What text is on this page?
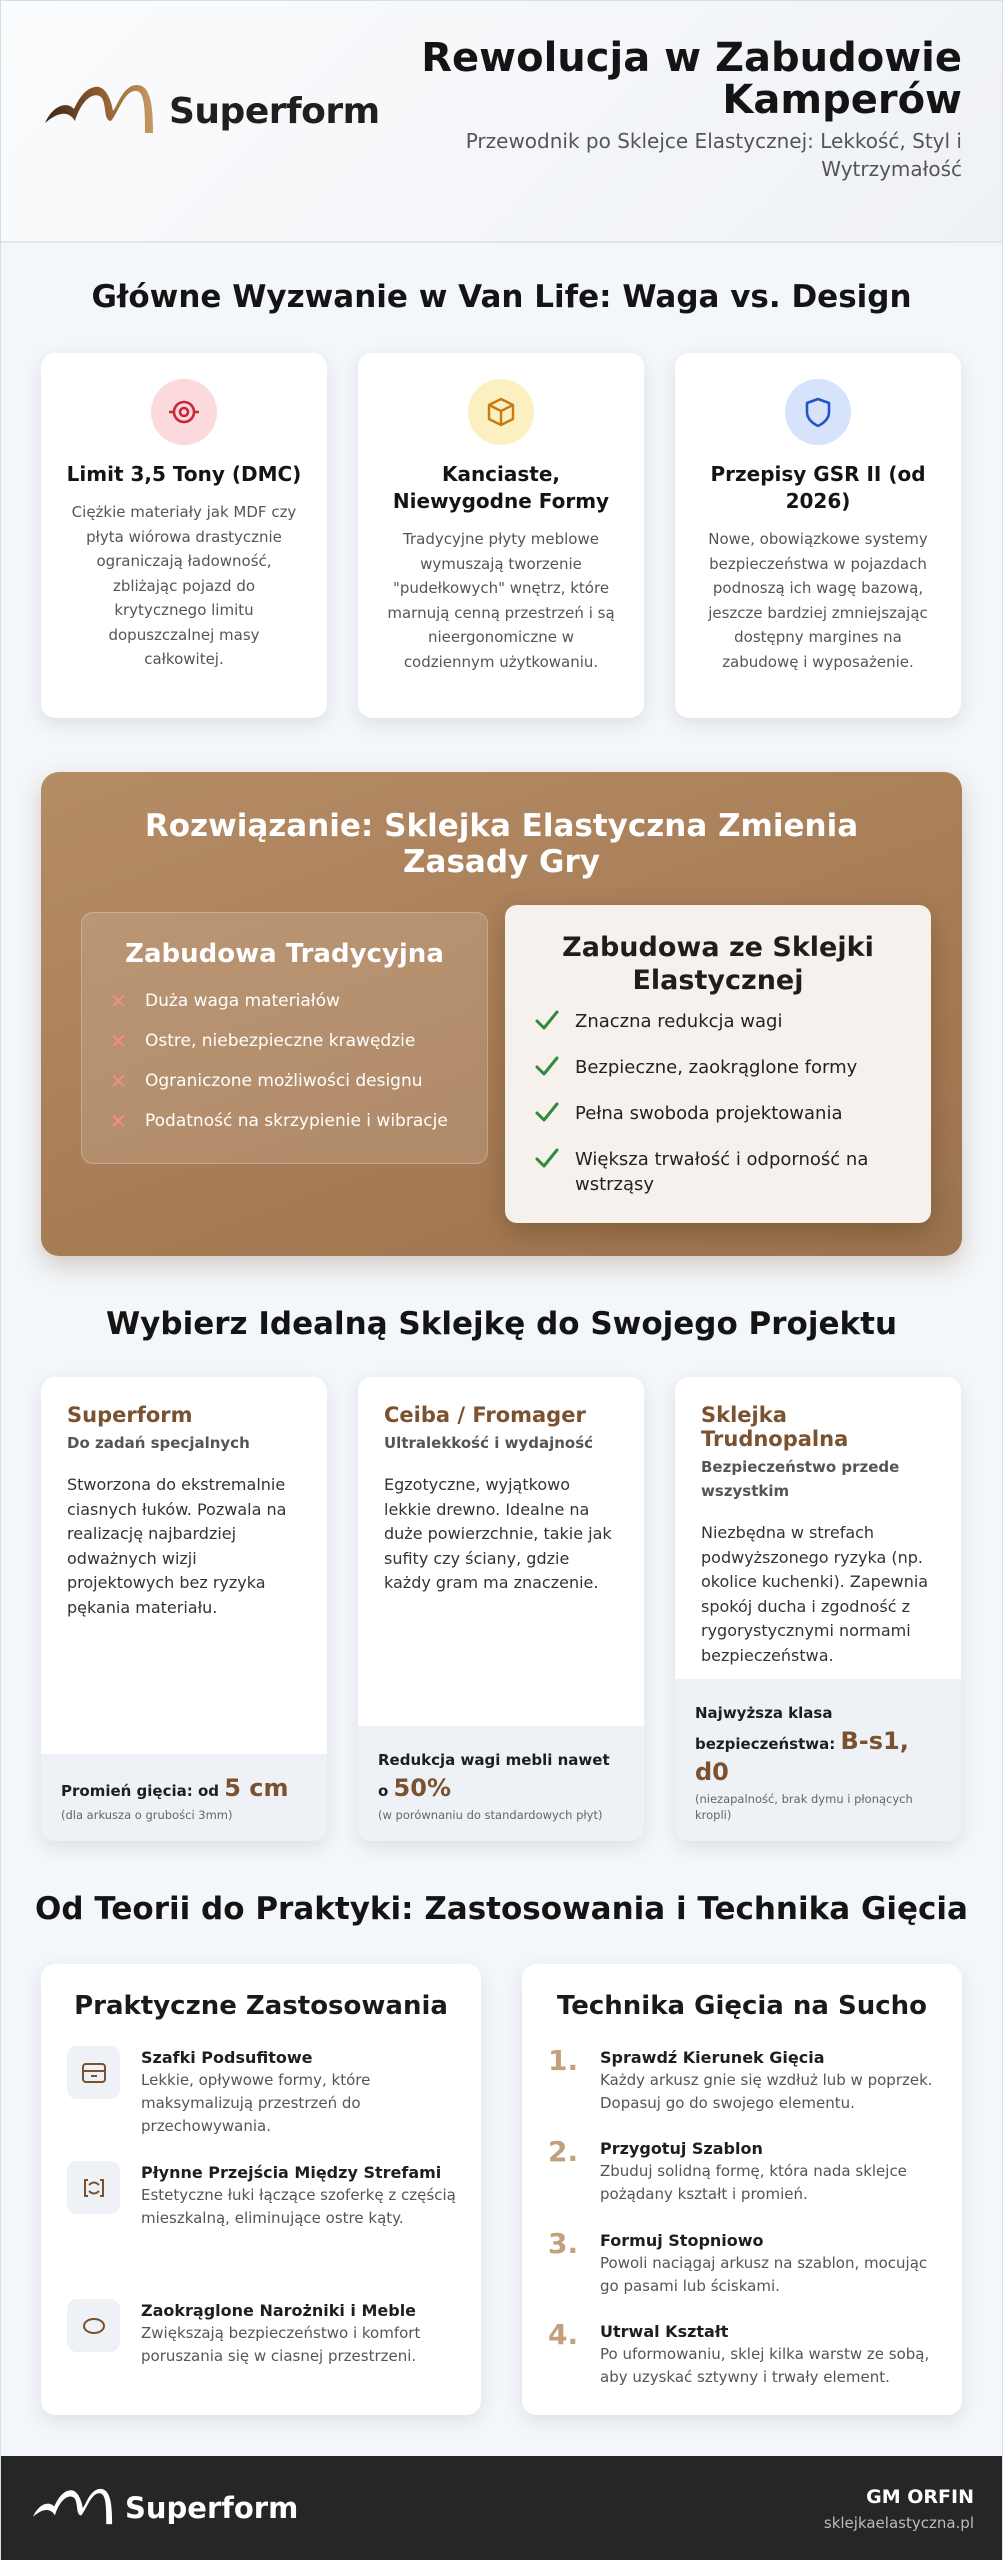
Superform
Rewolucja w Zabudowie Kamperów
Przewodnik po Sklejce Elastycznej: Lekkość, Styl i Wytrzymałość
Główne Wyzwanie w Van Life: Waga vs. Design
Limit 3,5 Tony (DMC)
Ciężkie materiały jak MDF czy płyta wiórowa drastycznie ograniczają ładowność, zbliżając pojazd do krytycznego limitu dopuszczalnej masy całkowitej.
Kanciaste, Niewygodne Formy
Tradycyjne płyty meblowe wymuszają tworzenie "pudełkowych" wnętrz, które marnują cenną przestrzeń i są nieergonomiczne w codziennym użytkowaniu.
Przepisy GSR II (od 2026)
Nowe, obowiązkowe systemy bezpieczeństwa w pojazdach podnoszą ich wagę bazową, jeszcze bardziej zmniejszając dostępny margines na zabudowę i wyposażenie.
Rozwiązanie: Sklejka Elastyczna Zmienia Zasady Gry
Zabudowa Tradycyjna
✕	Duża waga materiałów
✕	Ostre, niebezpieczne krawędzie
✕	Ograniczone możliwości designu
✕	Podatność na skrzypienie i wibracje
Zabudowa ze Sklejki Elastycznej
Znaczna redukcja wagi
Bezpieczne, zaokrąglone formy
Pełna swoboda projektowania
Większa trwałość i odporność na wstrząsy
Wybierz Idealną Sklejkę do Swojego Projektu
Superform
Do zadań specjalnych
Stworzona do ekstremalnie ciasnych łuków. Pozwala na realizację najbardziej odważnych wizji projektowych bez ryzyka pękania materiału.
Promień gięcia: od 5 cm
(dla arkusza o grubości 3mm)
Ceiba / Fromager
Ultralekkość i wydajność
Egzotyczne, wyjątkowo lekkie drewno. Idealne na duże powierzchnie, takie jak sufity czy ściany, gdzie każdy gram ma znaczenie.
Redukcja wagi mebli nawet o 50%
(w porównaniu do standardowych płyt)
Sklejka Trudnopalna
Bezpieczeństwo przede wszystkim
Niezbędna w strefach podwyższonego ryzyka (np. okolice kuchenki). Zapewnia spokój ducha i zgodność z rygorystycznymi normami bezpieczeństwa.
Najwyższa klasa bezpieczeństwa: B-s1, d0
(niezapalność, brak dymu i płonących kropli)
Od Teorii do Praktyki: Zastosowania i Technika Gięcia
Praktyczne Zastosowania
Szafki Podsufitowe
Lekkie, opływowe formy, które maksymalizują przestrzeń do przechowywania.
Płynne Przejścia Między Strefami
Estetyczne łuki łączące szoferkę z częścią mieszkalną, eliminujące ostre kąty.
Zaokrąglone Narożniki i Meble
Zwiększają bezpieczeństwo i komfort poruszania się w ciasnej przestrzeni.
Technika Gięcia na Sucho
1.	Sprawdź Kierunek Gięcia
Każdy arkusz gnie się wzdłuż lub w poprzek. Dopasuj go do swojego elementu.
2.	Przygotuj Szablon
Zbuduj solidną formę, która nada sklejce pożądany kształt i promień.
3.	Formuj Stopniowo
Powoli naciągaj arkusz na szablon, mocując go pasami lub ściskami.
4.	Utrwal Kształt
Po uformowaniu, sklej kilka warstw ze sobą, aby uzyskać sztywny i trwały element.
Superform	GM ORFIN
sklejkaelastyczna.pl
